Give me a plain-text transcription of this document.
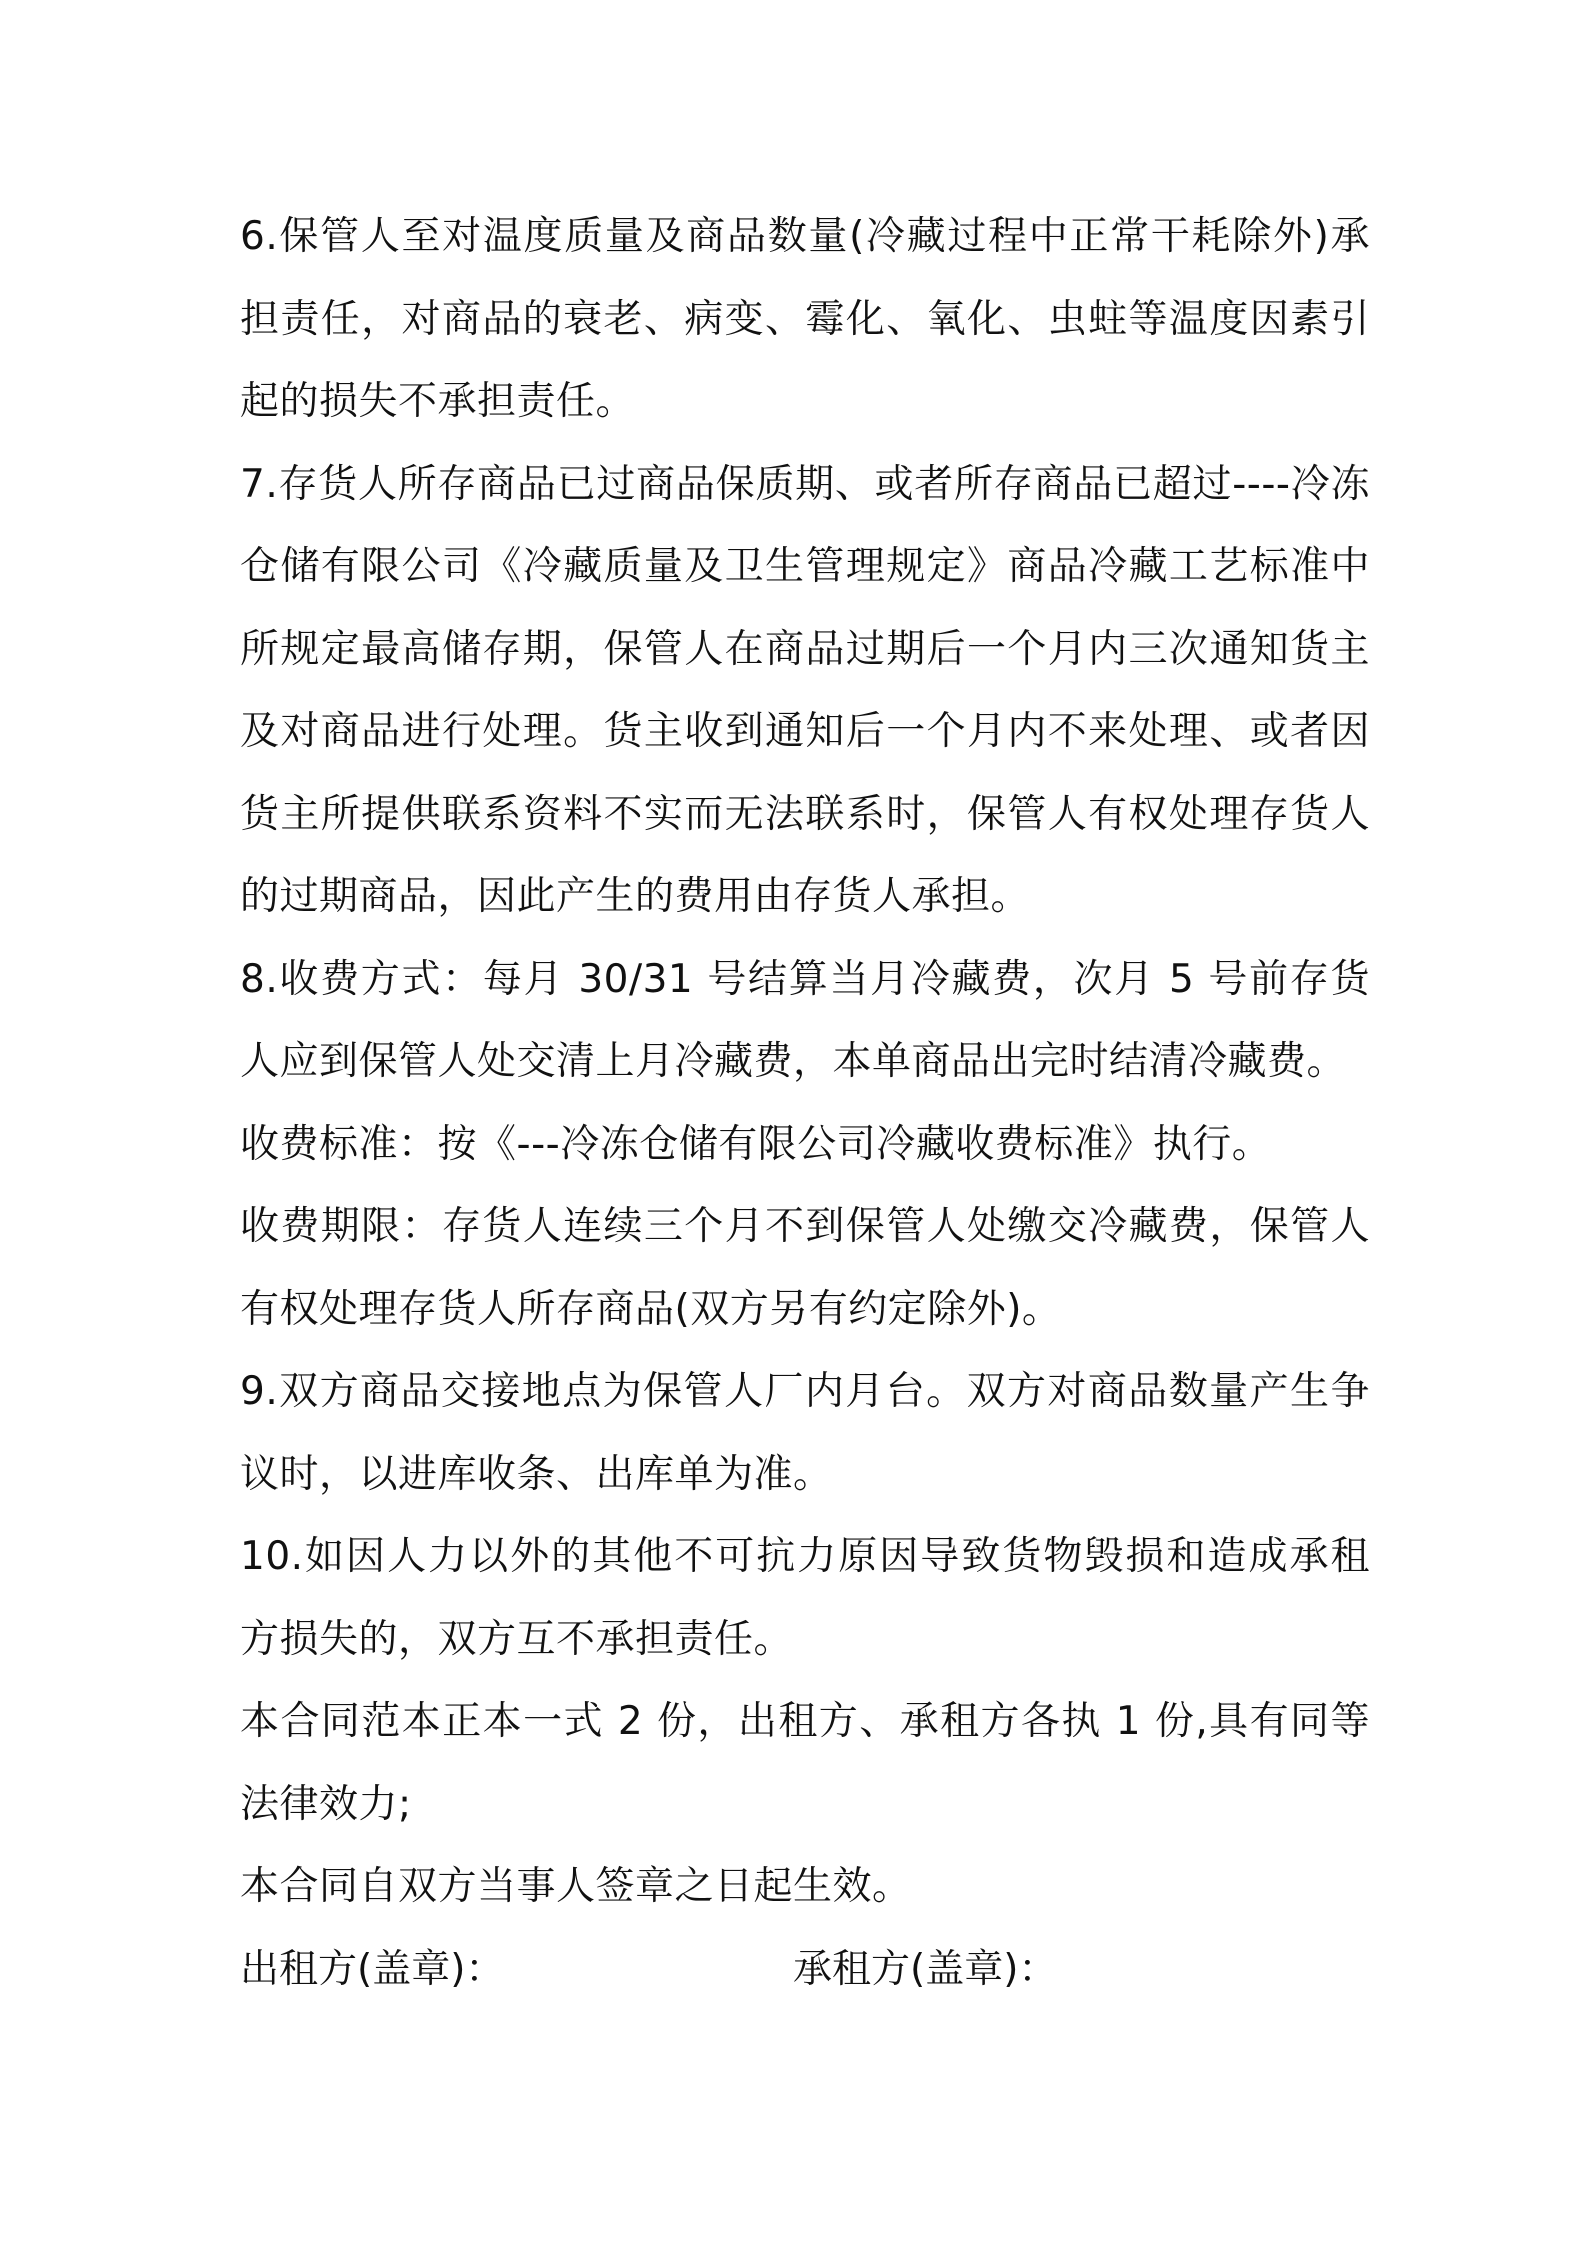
6.保管人至对温度质量及商品数量(冷藏过程中正常干耗除外)承担责任，对商品的衰老、病变、霉化、氧化、虫蛀等温度因素引起的损失不承担责任。

7.存货人所存商品已过商品保质期、或者所存商品已超过----冷冻仓储有限公司《冷藏质量及卫生管理规定》商品冷藏工艺标准中所规定最高储存期，保管人在商品过期后一个月内三次通知货主及对商品进行处理。货主收到通知后一个月内不来处理、或者因货主所提供联系资料不实而无法联系时，保管人有权处理存货人的过期商品，因此产生的费用由存货人承担。

8.收费方式：每月 30/31 号结算当月冷藏费，次月 5 号前存货人应到保管人处交清上月冷藏费，本单商品出完时结清冷藏费。

收费标准：按《---冷冻仓储有限公司冷藏收费标准》执行。

收费期限：存货人连续三个月不到保管人处缴交冷藏费，保管人有权处理存货人所存商品(双方另有约定除外)。

9.双方商品交接地点为保管人厂内月台。双方对商品数量产生争议时，以进库收条、出库单为准。

10.如因人力以外的其他不可抗力原因导致货物毁损和造成承租方损失的，双方互不承担责任。

本合同范本正本一式 2 份，出租方、承租方各执 1 份,具有同等法律效力;

本合同自双方当事人签章之日起生效。

出租方(盖章)：	承租方(盖章)：
